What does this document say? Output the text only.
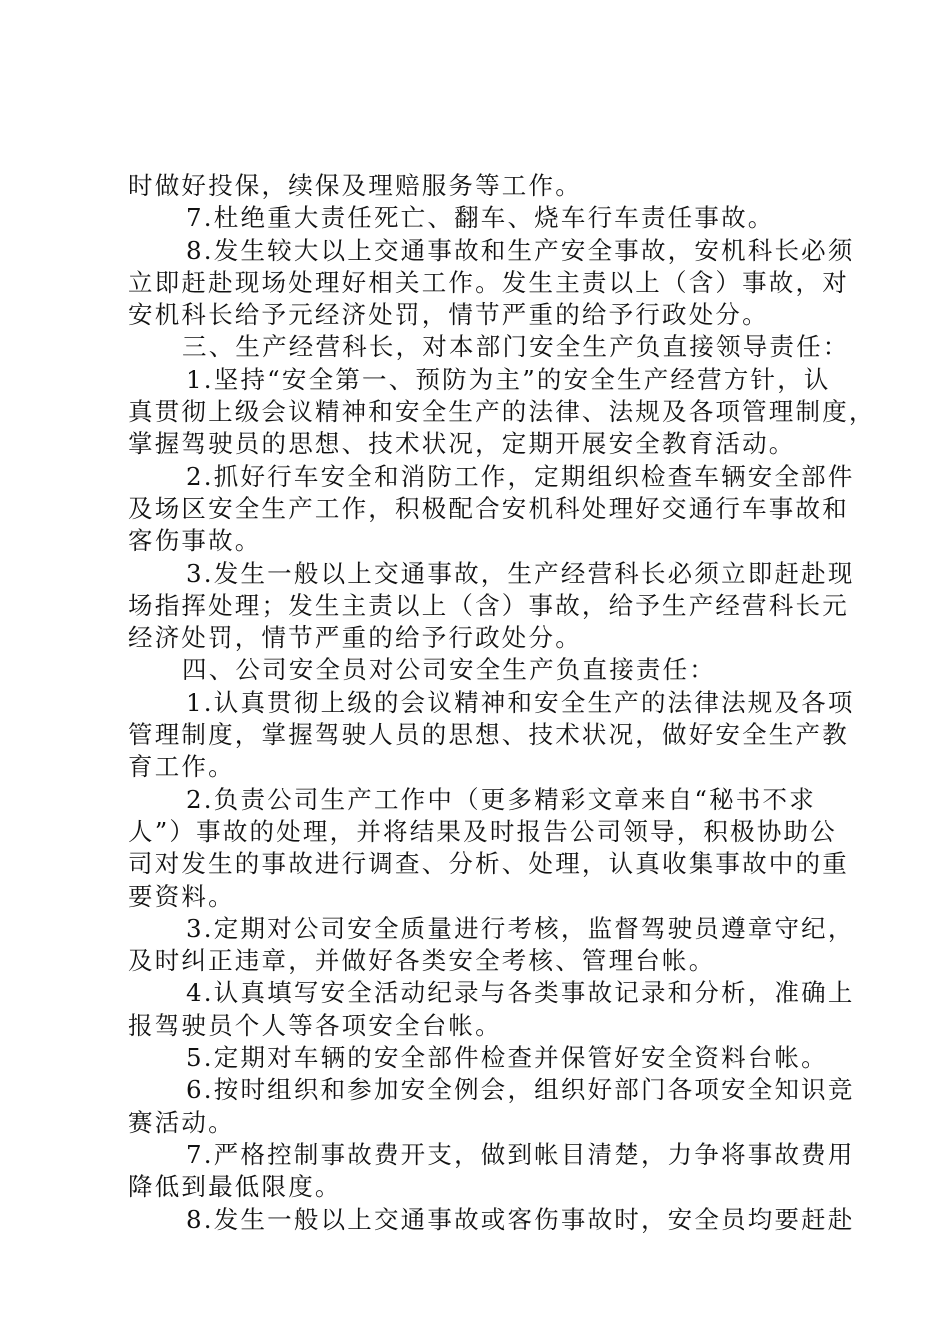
时做好投保，续保及理赔服务等工作。
7.杜绝重大责任死亡、翻车、烧车行车责任事故。
8.发生较大以上交通事故和生产安全事故，安机科长必须
立即赶赴现场处理好相关工作。发生主责以上（含）事故，对
安机科长给予元经济处罚，情节严重的给予行政处分。
三、生产经营科长，对本部门安全生产负直接领导责任：
1.坚持“安全第一、预防为主”的安全生产经营方针，认
真贯彻上级会议精神和安全生产的法律、法规及各项管理制度，
掌握驾驶员的思想、技术状况，定期开展安全教育活动。
2.抓好行车安全和消防工作，定期组织检查车辆安全部件
及场区安全生产工作，积极配合安机科处理好交通行车事故和
客伤事故。
3.发生一般以上交通事故，生产经营科长必须立即赶赴现
场指挥处理；发生主责以上（含）事故，给予生产经营科长元
经济处罚，情节严重的给予行政处分。
四、公司安全员对公司安全生产负直接责任：
1.认真贯彻上级的会议精神和安全生产的法律法规及各项
管理制度，掌握驾驶人员的思想、技术状况，做好安全生产教
育工作。
2.负责公司生产工作中（更多精彩文章来自“秘书不求
人”）事故的处理，并将结果及时报告公司领导，积极协助公
司对发生的事故进行调查、分析、处理，认真收集事故中的重
要资料。
3.定期对公司安全质量进行考核，监督驾驶员遵章守纪，
及时纠正违章，并做好各类安全考核、管理台帐。
4.认真填写安全活动纪录与各类事故记录和分析，准确上
报驾驶员个人等各项安全台帐。
5.定期对车辆的安全部件检查并保管好安全资料台帐。
6.按时组织和参加安全例会，组织好部门各项安全知识竞
赛活动。
7.严格控制事故费开支，做到帐目清楚，力争将事故费用
降低到最低限度。
8.发生一般以上交通事故或客伤事故时，安全员均要赶赴
